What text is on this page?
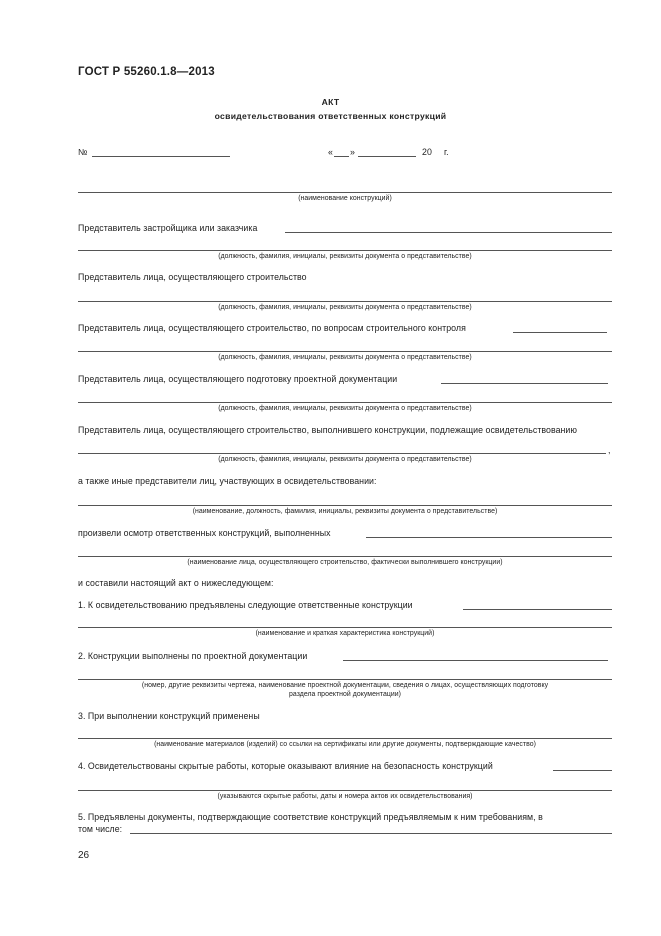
ГОСТ Р 55260.1.8—2013
АКТ
освидетельствования ответственных конструкций
№	« »	20 г.
(наименование конструкций)
Представитель застройщика или заказчика
(должность, фамилия, инициалы, реквизиты документа о представительстве)
Представитель лица, осуществляющего строительство
(должность, фамилия, инициалы, реквизиты документа о представительстве)
Представитель лица, осуществляющего строительство, по вопросам строительного контроля
(должность, фамилия, инициалы, реквизиты документа о представительстве)
Представитель лица, осуществляющего подготовку проектной документации
(должность, фамилия, инициалы, реквизиты документа о представительстве)
Представитель лица, осуществляющего строительство, выполнившего конструкции, подлежащие освидетельствованию
,
(должность, фамилия, инициалы, реквизиты документа о представительстве)
а также иные представители лиц, участвующих в освидетельствовании:
(наименование, должность, фамилия, инициалы, реквизиты документа о представительстве)
произвели осмотр ответственных конструкций, выполненных
(наименование лица, осуществляющего строительство, фактически выполнившего конструкции)
и составили настоящий акт о нижеследующем:
1. К освидетельствованию предъявлены следующие ответственные конструкции
(наименование и краткая характеристика конструкций)
2. Конструкции выполнены по проектной документации
(номер, другие реквизиты чертежа, наименование проектной документации, сведения о лицах, осуществляющих подготовку
раздела проектной документации)
3. При выполнении конструкций применены
(наименование материалов (изделий) со ссылки на сертификаты или другие документы, подтверждающие качество)
4. Освидетельствованы скрытые работы, которые оказывают влияние на безопасность конструкций
(указываются скрытые работы, даты и номера актов их освидетельствования)
5. Предъявлены документы, подтверждающие соответствие конструкций предъявляемым к ним требованиям, в
том числе:
26
